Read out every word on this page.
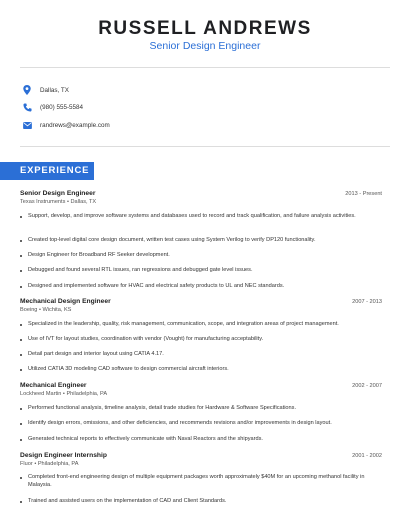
RUSSELL ANDREWS
Senior Design Engineer
Dallas, TX
(980) 555-5584
randrews@example.com
EXPERIENCE
Senior Design Engineer	2013 - Present
Texas Instruments • Dallas, TX
Support, develop, and improve software systems and databases used to record and track qualification, and failure analysis activities.
Created top-level digital core design document, written test cases using System Verilog to verify DP120 functionality.
Design Engineer for Broadband RF Seeker development.
Debugged and found several RTL issues, ran regressions and debugged gate level issues.
Designed and implemented software for HVAC and electrical safety products to UL and NEC standards.
Specialized in the leadership, quality, risk management, communication, scope, and integration areas of project management.
Use of IVT for layout studies, coordination with vendor (Vought) for manufacturing acceptability.
Detail part design and interior layout using CATIA 4.17.
Utilized CATIA 3D modeling CAD software to design commercial aircraft interiors.
Performed functional analysis, timeline analysis, detail trade studies for Hardware & Software Specifications.
Identify design errors, omissions, and other deficiencies, and recommends revisions and/or improvements in design layout.
Generated technical reports to effectively communicate with Naval Reactors and the shipyards.
Completed front-end engineering design of multiple equipment packages worth approximately $40M for an upcoming methanol facility in Malaysia.
Trained and assisted users on the implementation of CAD and Client Standards.
Mechanical Design Engineer	2007 - 2013
Boeing • Wichita, KS
Mechanical Engineer	2002 - 2007
Lockheed Martin • Philadelphia, PA
Design Engineer Internship	2001 - 2002
Fluor • Philadelphia, PA
